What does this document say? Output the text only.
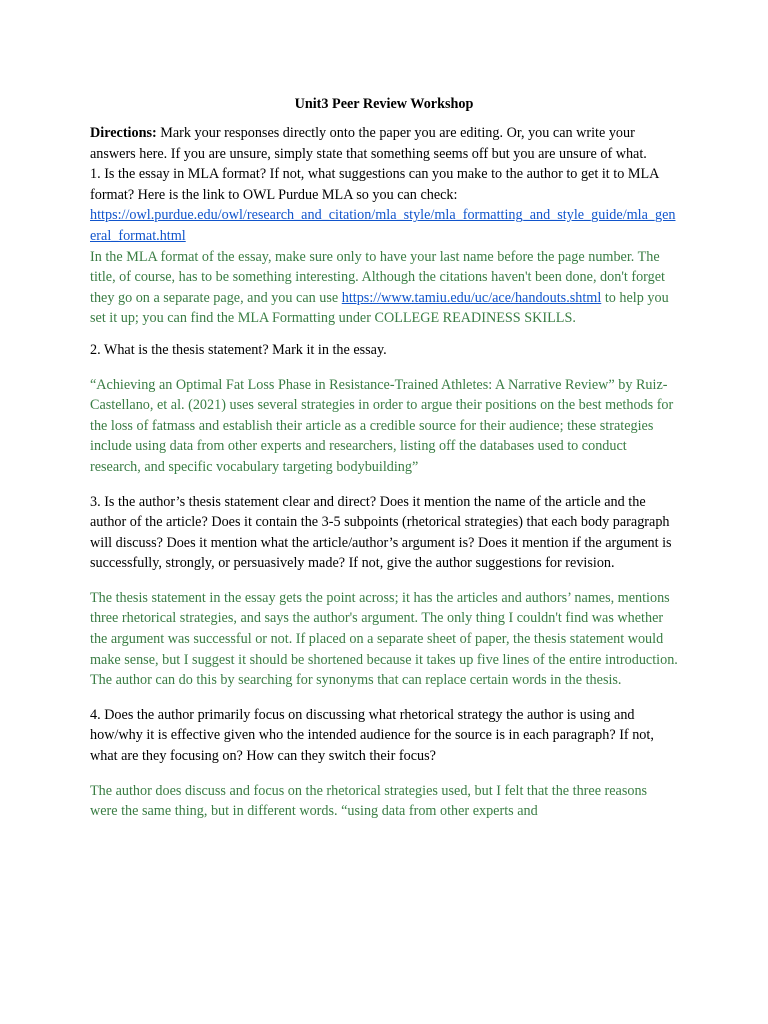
Unit3 Peer Review Workshop

Directions: Mark your responses directly onto the paper you are editing. Or, you can write your answers here. If you are unsure, simply state that something seems off but you are unsure of what.

1. Is the essay in MLA format? If not, what suggestions can you make to the author to get it to MLA format? Here is the link to OWL Purdue MLA so you can check:

https://owl.purdue.edu/owl/research_and_citation/mla_style/mla_formatting_and_style_guide/mla_general_format.html

In the MLA format of the essay, make sure only to have your last name before the page number. The title, of course, has to be something interesting. Although the citations haven't been done, don't forget they go on a separate page, and you can use https://www.tamiu.edu/uc/ace/handouts.shtml to help you set it up; you can find the MLA Formatting under COLLEGE READINESS SKILLS.

2. What is the thesis statement? Mark it in the essay.

“Achieving an Optimal Fat Loss Phase in Resistance-Trained Athletes: A Narrative Review” by Ruiz-Castellano, et al. (2021) uses several strategies in order to argue their positions on the best methods for the loss of fatmass and establish their article as a credible source for their audience; these strategies include using data from other experts and researchers, listing off the databases used to conduct research, and specific vocabulary targeting bodybuilding”

3. Is the author’s thesis statement clear and direct? Does it mention the name of the article and the author of the article? Does it contain the 3-5 subpoints (rhetorical strategies) that each body paragraph will discuss? Does it mention what the article/author’s argument is? Does it mention if the argument is successfully, strongly, or persuasively made? If not, give the author suggestions for revision.

The thesis statement in the essay gets the point across; it has the articles and authors’ names, mentions three rhetorical strategies, and says the author's argument. The only thing I couldn't find was whether the argument was successful or not. If placed on a separate sheet of paper, the thesis statement would make sense, but I suggest it should be shortened because it takes up five lines of the entire introduction. The author can do this by searching for synonyms that can replace certain words in the thesis.

4. Does the author primarily focus on discussing what rhetorical strategy the author is using and how/why it is effective given who the intended audience for the source is in each paragraph? If not, what are they focusing on? How can they switch their focus?

The author does discuss and focus on the rhetorical strategies used, but I felt that the three reasons were the same thing, but in different words. “using data from other experts and
